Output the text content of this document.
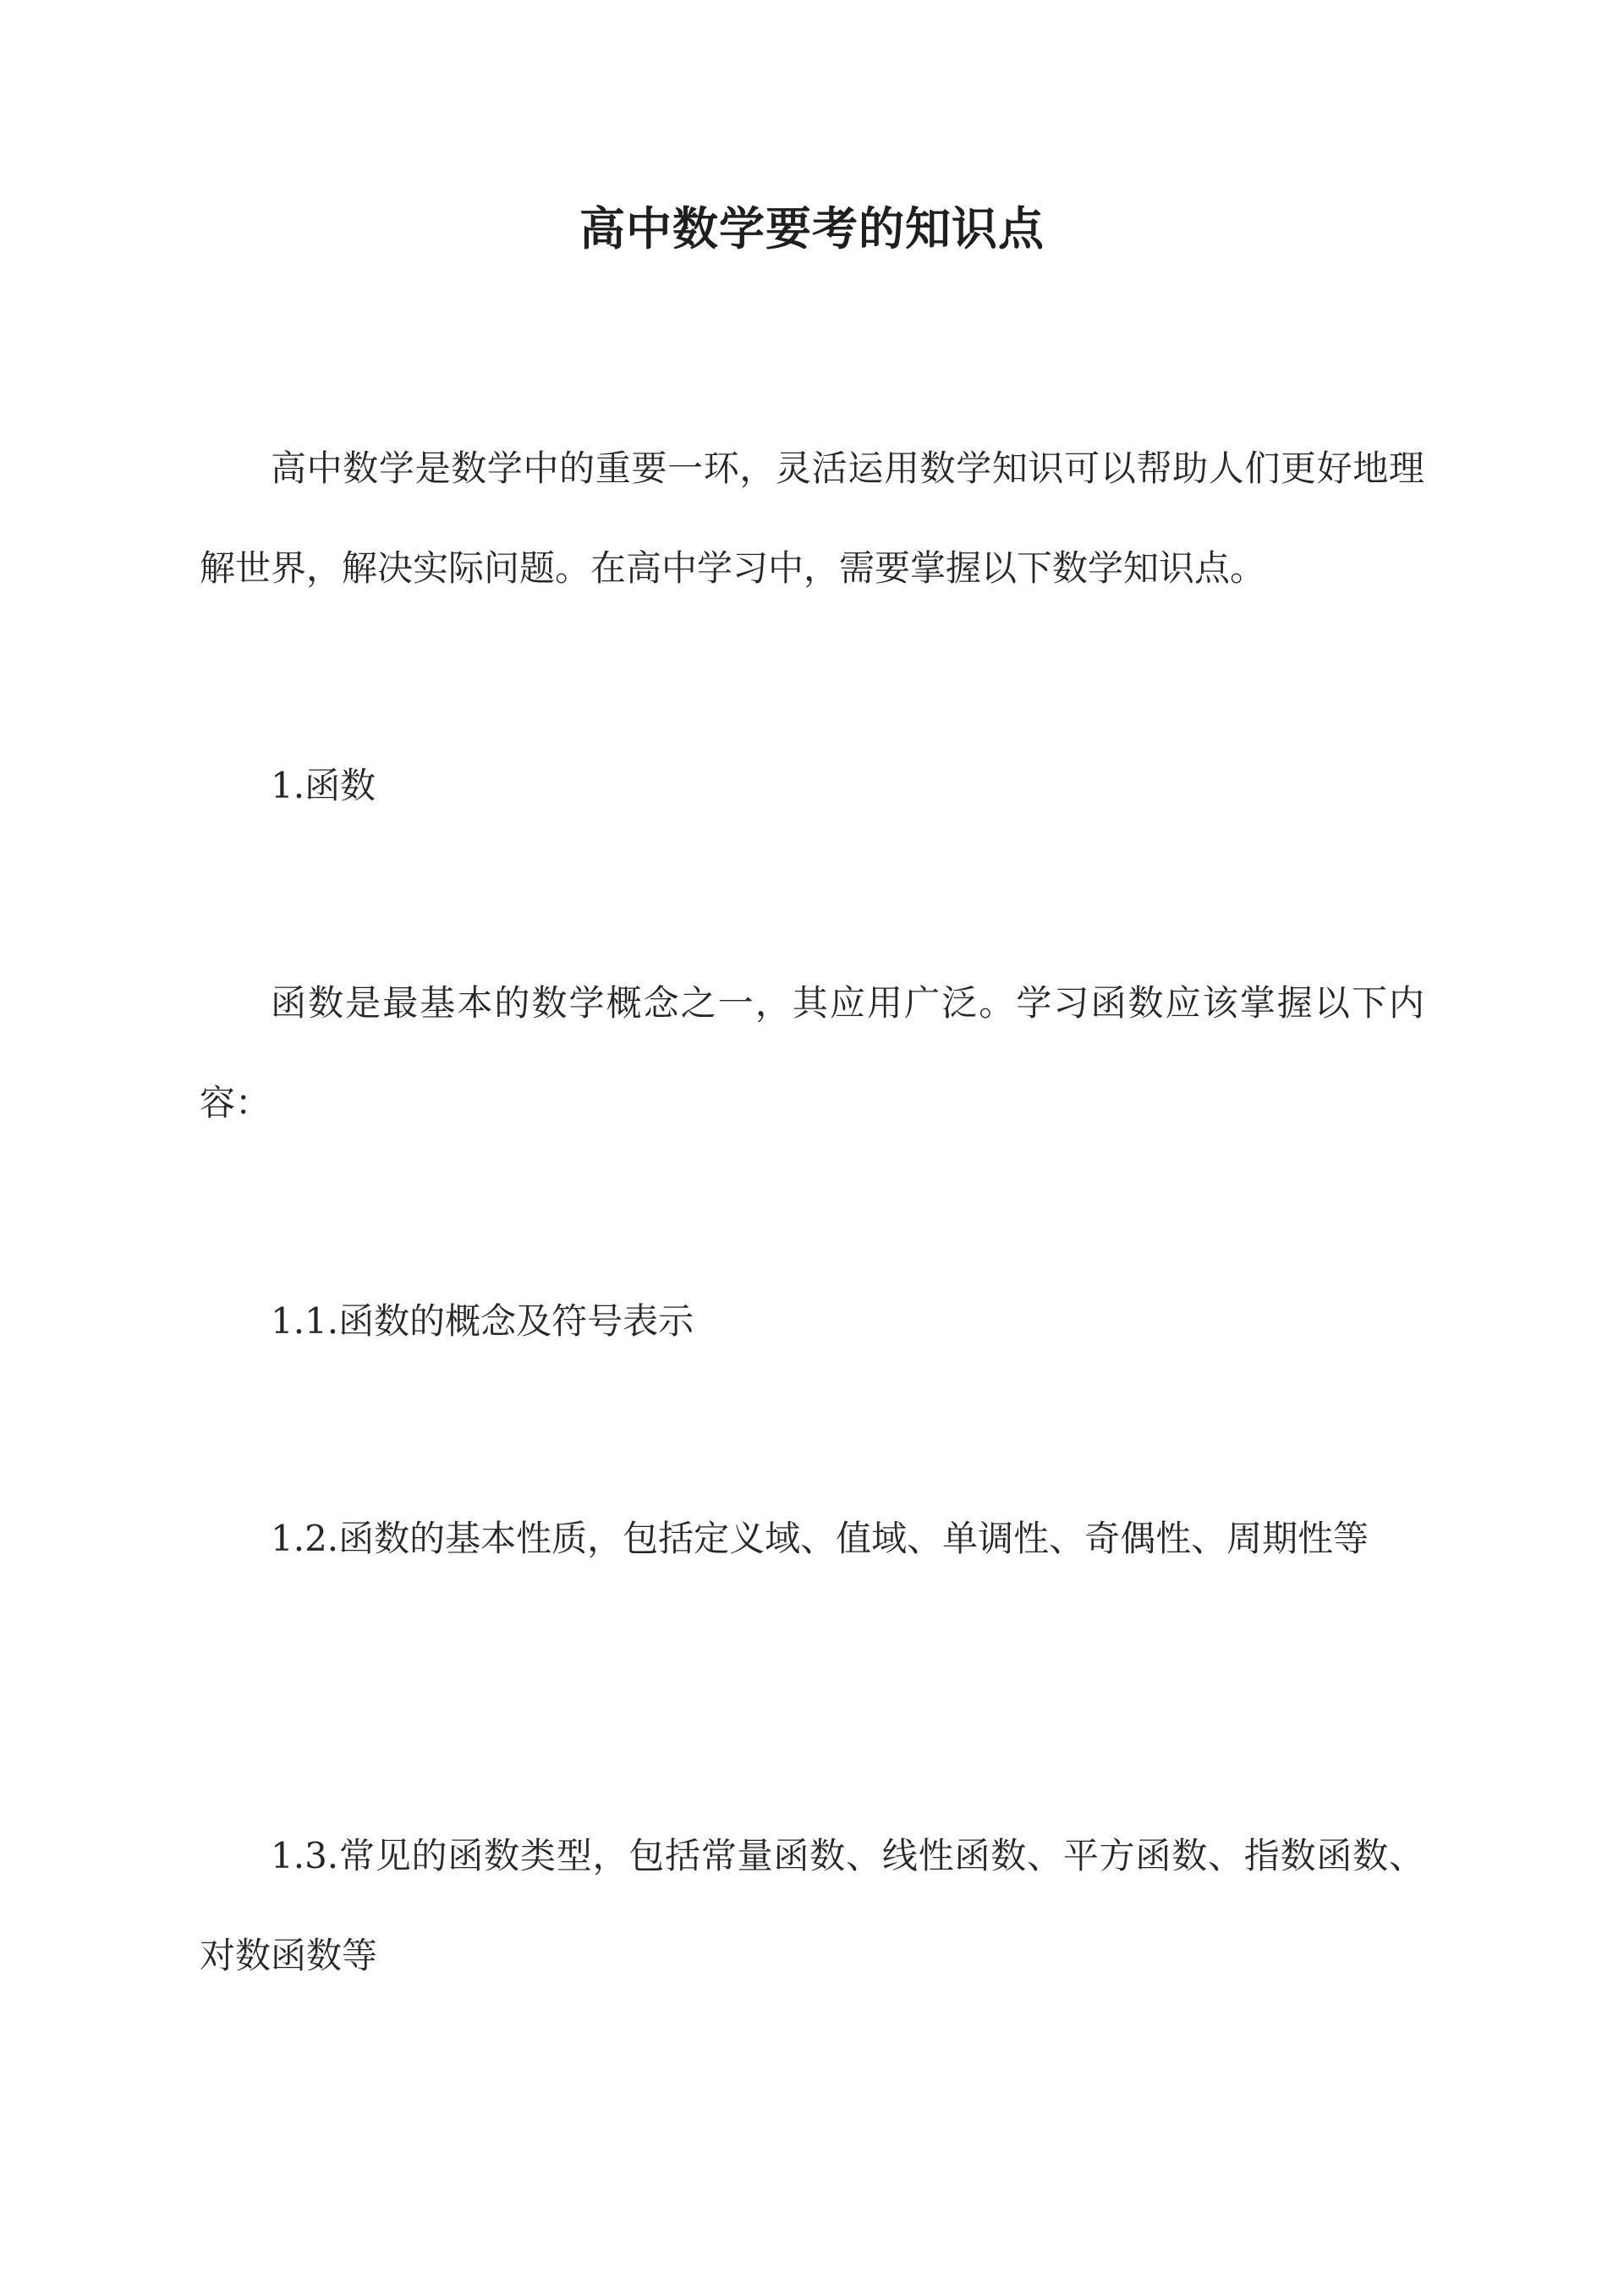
高中数学要考的知识点

高中数学是数学中的重要一环，灵活运用数学知识可以帮助人们更好地理解世界，解决实际问题。在高中学习中，需要掌握以下数学知识点。

1.函数

函数是最基本的数学概念之一，其应用广泛。学习函数应该掌握以下内容：

1.1.函数的概念及符号表示

1.2.函数的基本性质，包括定义域、值域、单调性、奇偶性、周期性等

1.3.常见的函数类型，包括常量函数、线性函数、平方函数、指数函数、对数函数等
